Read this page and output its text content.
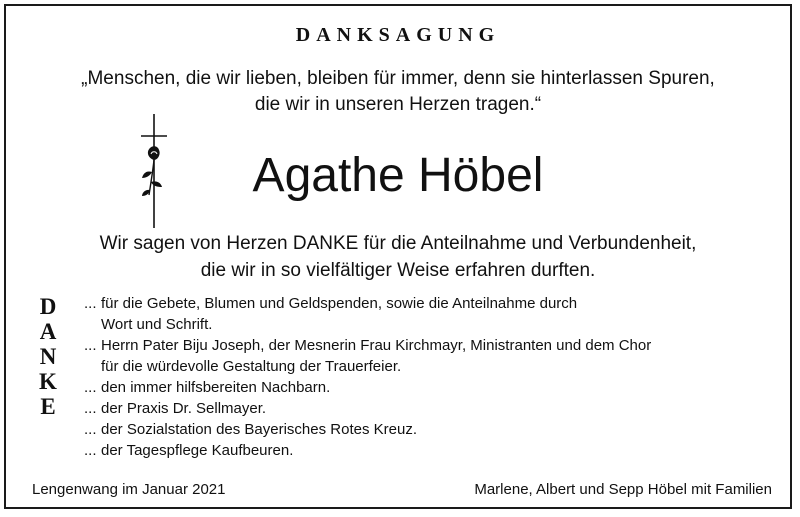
DANKSAGUNG
„Menschen, die wir lieben, bleiben für immer, denn sie hinterlassen Spuren,
die wir in unseren Herzen tragen.“
Agathe Höbel
Wir sagen von Herzen DANKE für die Anteilnahme und Verbundenheit,
die wir in so vielfältiger Weise erfahren durften.
D
A
N
K
E
... für die Gebete, Blumen und Geldspenden, sowie die Anteilnahme durch
Wort und Schrift.
... Herrn Pater Biju Joseph, der Mesnerin Frau Kirchmayr, Ministranten und dem Chor
für die würdevolle Gestaltung der Trauerfeier.
... den immer hilfsbereiten Nachbarn.
... der Praxis Dr. Sellmayer.
... der Sozialstation des Bayerisches Rotes Kreuz.
... der Tagespflege Kaufbeuren.
Lengenwang im Januar 2021	Marlene, Albert und Sepp Höbel mit Familien
